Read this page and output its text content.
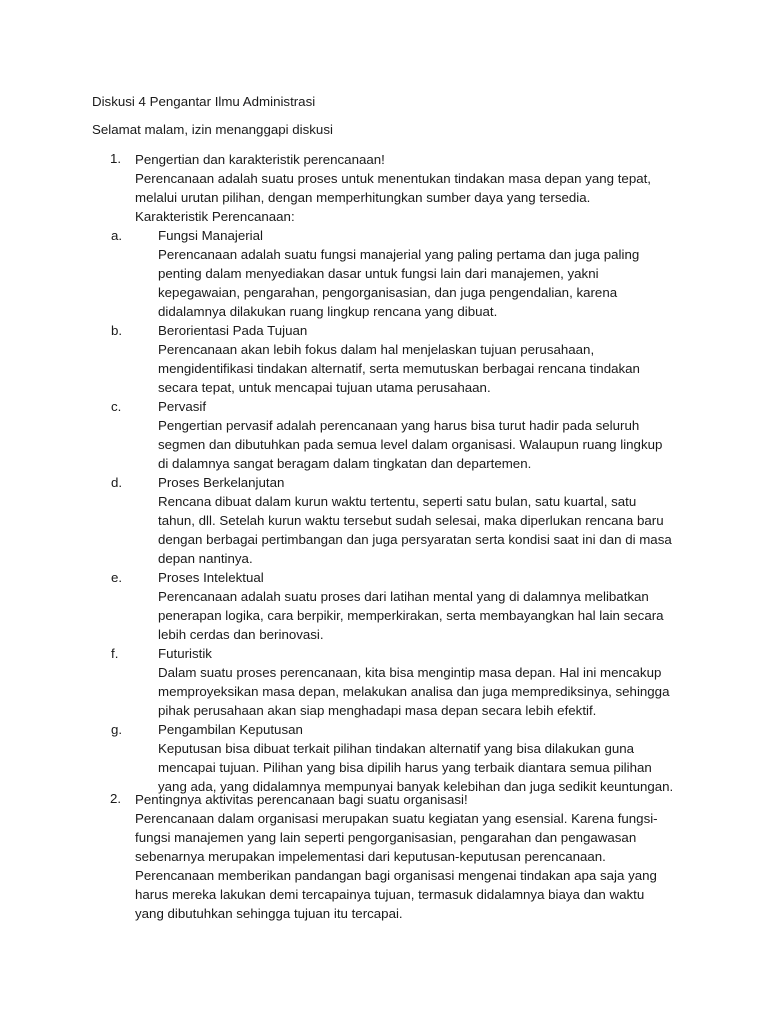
Diskusi 4 Pengantar Ilmu Administrasi
Selamat malam, izin menanggapi diskusi
1. Pengertian dan karakteristik perencanaan!

Perencanaan adalah suatu proses untuk menentukan tindakan masa depan yang tepat, melalui urutan pilihan, dengan memperhitungkan sumber daya yang tersedia.

Karakteristik Perencanaan:

a.	Fungsi Manajerial

Perencanaan adalah suatu fungsi manajerial yang paling pertama dan juga paling penting dalam menyediakan dasar untuk fungsi lain dari manajemen, yakni kepegawaian, pengarahan, pengorganisasian, dan juga pengendalian, karena didalamnya dilakukan ruang lingkup rencana yang dibuat.

b.	Berorientasi Pada Tujuan

Perencanaan akan lebih fokus dalam hal menjelaskan tujuan perusahaan, mengidentifikasi tindakan alternatif, serta memutuskan berbagai rencana tindakan secara tepat, untuk mencapai tujuan utama perusahaan.

c.	Pervasif

Pengertian pervasif adalah perencanaan yang harus bisa turut hadir pada seluruh segmen dan dibutuhkan pada semua level dalam organisasi. Walaupun ruang lingkup di dalamnya sangat beragam dalam tingkatan dan departemen.

d.	Proses Berkelanjutan

Rencana dibuat dalam kurun waktu tertentu, seperti satu bulan, satu kuartal, satu tahun, dll. Setelah kurun waktu tersebut sudah selesai, maka diperlukan rencana baru dengan berbagai pertimbangan dan juga persyaratan serta kondisi saat ini dan di masa depan nantinya.

e.	Proses Intelektual

Perencanaan adalah suatu proses dari latihan mental yang di dalamnya melibatkan penerapan logika, cara berpikir, memperkirakan, serta membayangkan hal lain secara lebih cerdas dan berinovasi.

f.	Futuristik

Dalam suatu proses perencanaan, kita bisa mengintip masa depan. Hal ini mencakup memproyeksikan masa depan, melakukan analisa dan juga memprediksinya, sehingga pihak perusahaan akan siap menghadapi masa depan secara lebih efektif.

g.	Pengambilan Keputusan

Keputusan bisa dibuat terkait pilihan tindakan alternatif yang bisa dilakukan guna mencapai tujuan. Pilihan yang bisa dipilih harus yang terbaik diantara semua pilihan yang ada, yang didalamnya mempunyai banyak kelebihan dan juga sedikit keuntungan.

2. Pentingnya aktivitas perencanaan bagi suatu organisasi!

Perencanaan dalam organisasi merupakan suatu kegiatan yang esensial. Karena fungsi-fungsi manajemen yang lain seperti pengorganisasian, pengarahan dan pengawasan sebenarnya merupakan impelementasi dari keputusan-keputusan perencanaan. Perencanaan memberikan pandangan bagi organisasi mengenai tindakan apa saja yang harus mereka lakukan demi tercapainya tujuan, termasuk didalamnya biaya dan waktu yang dibutuhkan sehingga tujuan itu tercapai.
